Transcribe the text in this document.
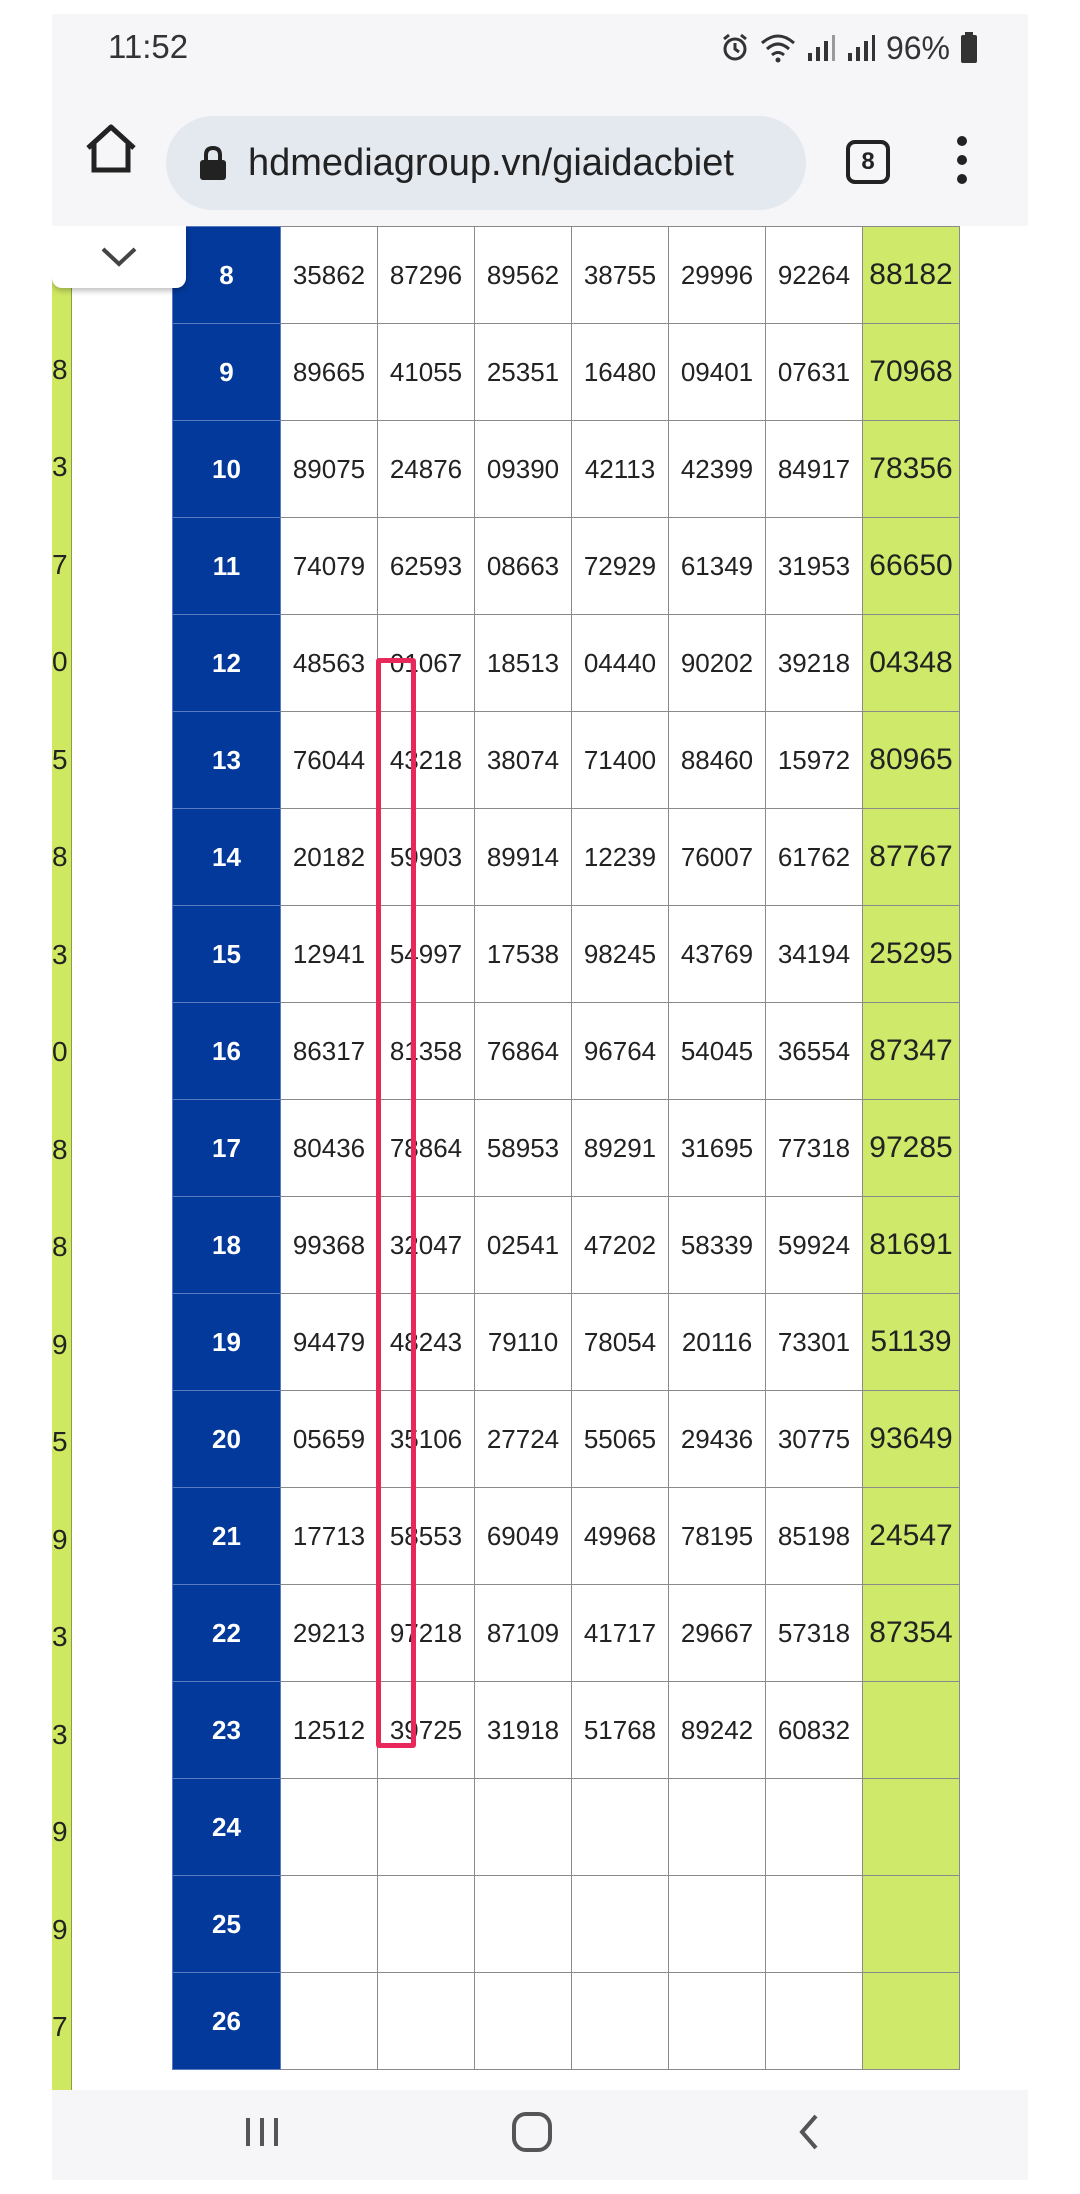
11:52	96%
hdmediagroup.vn/giaidacbiet	8
8
3
7
0
5
8
3
0
8
8
9
5
9
3
3
9
9
7
8	35862	87296	89562	38755	29996	92264	88182
9	89665	41055	25351	16480	09401	07631	70968
10	89075	24876	09390	42113	42399	84917	78356
11	74079	62593	08663	72929	61349	31953	66650
12	48563	01067	18513	04440	90202	39218	04348
13	76044	43218	38074	71400	88460	15972	80965
14	20182	59903	89914	12239	76007	61762	87767
15	12941	54997	17538	98245	43769	34194	25295
16	86317	81358	76864	96764	54045	36554	87347
17	80436	78864	58953	89291	31695	77318	97285
18	99368	32047	02541	47202	58339	59924	81691
19	94479	48243	79110	78054	20116	73301	51139
20	05659	35106	27724	55065	29436	30775	93649
21	17713	58553	69049	49968	78195	85198	24547
22	29213	97218	87109	41717	29667	57318	87354
23	12512	39725	31918	51768	89242	60832	
24							
25							
26							
